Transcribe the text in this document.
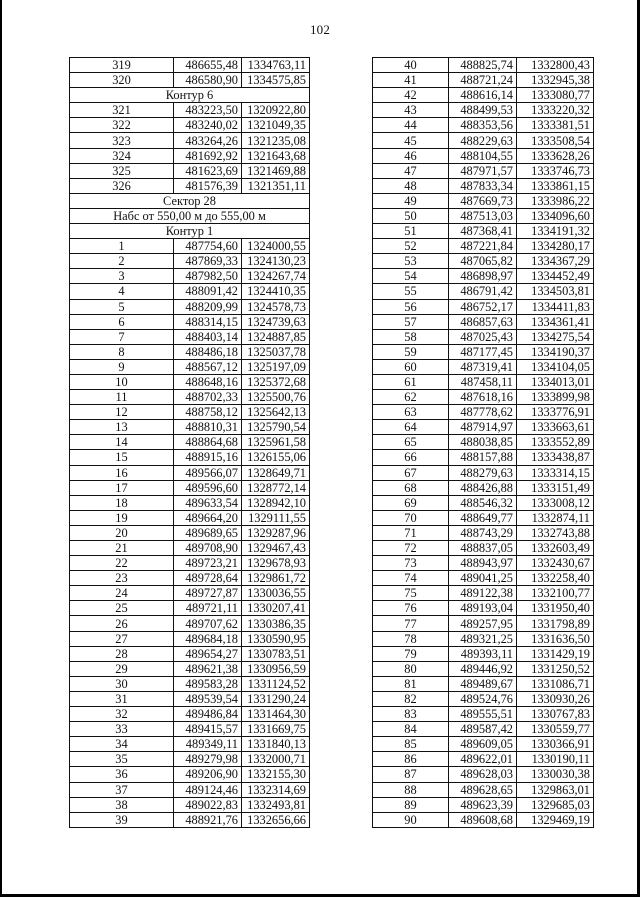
102
319	486655,48	1334763,11
320	486580,90	1334575,85
Контур 6		
321	483223,50	1320922,80
322	483240,02	1321049,35
323	483264,26	1321235,08
324	481692,92	1321643,68
325	481623,69	1321469,88
326	481576,39	1321351,11
Сектор 28		
Набс от 550,00 м до 555,00 м		
Контур 1		
1	487754,60	1324000,55
2	487869,33	1324130,23
3	487982,50	1324267,74
4	488091,42	1324410,35
5	488209,99	1324578,73
6	488314,15	1324739,63
7	488403,14	1324887,85
8	488486,18	1325037,78
9	488567,12	1325197,09
10	488648,16	1325372,68
11	488702,33	1325500,76
12	488758,12	1325642,13
13	488810,31	1325790,54
14	488864,68	1325961,58
15	488915,16	1326155,06
16	489566,07	1328649,71
17	489596,60	1328772,14
18	489633,54	1328942,10
19	489664,20	1329111,55
20	489689,65	1329287,96
21	489708,90	1329467,43
22	489723,21	1329678,93
23	489728,64	1329861,72
24	489727,87	1330036,55
25	489721,11	1330207,41
26	489707,62	1330386,35
27	489684,18	1330590,95
28	489654,27	1330783,51
29	489621,38	1330956,59
30	489583,28	1331124,52
31	489539,54	1331290,24
32	489486,84	1331464,30
33	489415,57	1331669,75
34	489349,11	1331840,13
35	489279,98	1332000,71
36	489206,90	1332155,30
37	489124,46	1332314,69
38	489022,83	1332493,81
39	488921,76	1332656,66
40	488825,74	1332800,43
41	488721,24	1332945,38
42	488616,14	1333080,77
43	488499,53	1333220,32
44	488353,56	1333381,51
45	488229,63	1333508,54
46	488104,55	1333628,26
47	487971,57	1333746,73
48	487833,34	1333861,15
49	487669,73	1333986,22
50	487513,03	1334096,60
51	487368,41	1334191,32
52	487221,84	1334280,17
53	487065,82	1334367,29
54	486898,97	1334452,49
55	486791,42	1334503,81
56	486752,17	1334411,83
57	486857,63	1334361,41
58	487025,43	1334275,54
59	487177,45	1334190,37
60	487319,41	1334104,05
61	487458,11	1334013,01
62	487618,16	1333899,98
63	487778,62	1333776,91
64	487914,97	1333663,61
65	488038,85	1333552,89
66	488157,88	1333438,87
67	488279,63	1333314,15
68	488426,88	1333151,49
69	488546,32	1333008,12
70	488649,77	1332874,11
71	488743,29	1332743,88
72	488837,05	1332603,49
73	488943,97	1332430,67
74	489041,25	1332258,40
75	489122,38	1332100,77
76	489193,04	1331950,40
77	489257,95	1331798,89
78	489321,25	1331636,50
79	489393,11	1331429,19
80	489446,92	1331250,52
81	489489,67	1331086,71
82	489524,76	1330930,26
83	489555,51	1330767,83
84	489587,42	1330559,77
85	489609,05	1330366,91
86	489622,01	1330190,11
87	489628,03	1330030,38
88	489628,65	1329863,01
89	489623,39	1329685,03
90	489608,68	1329469,19
